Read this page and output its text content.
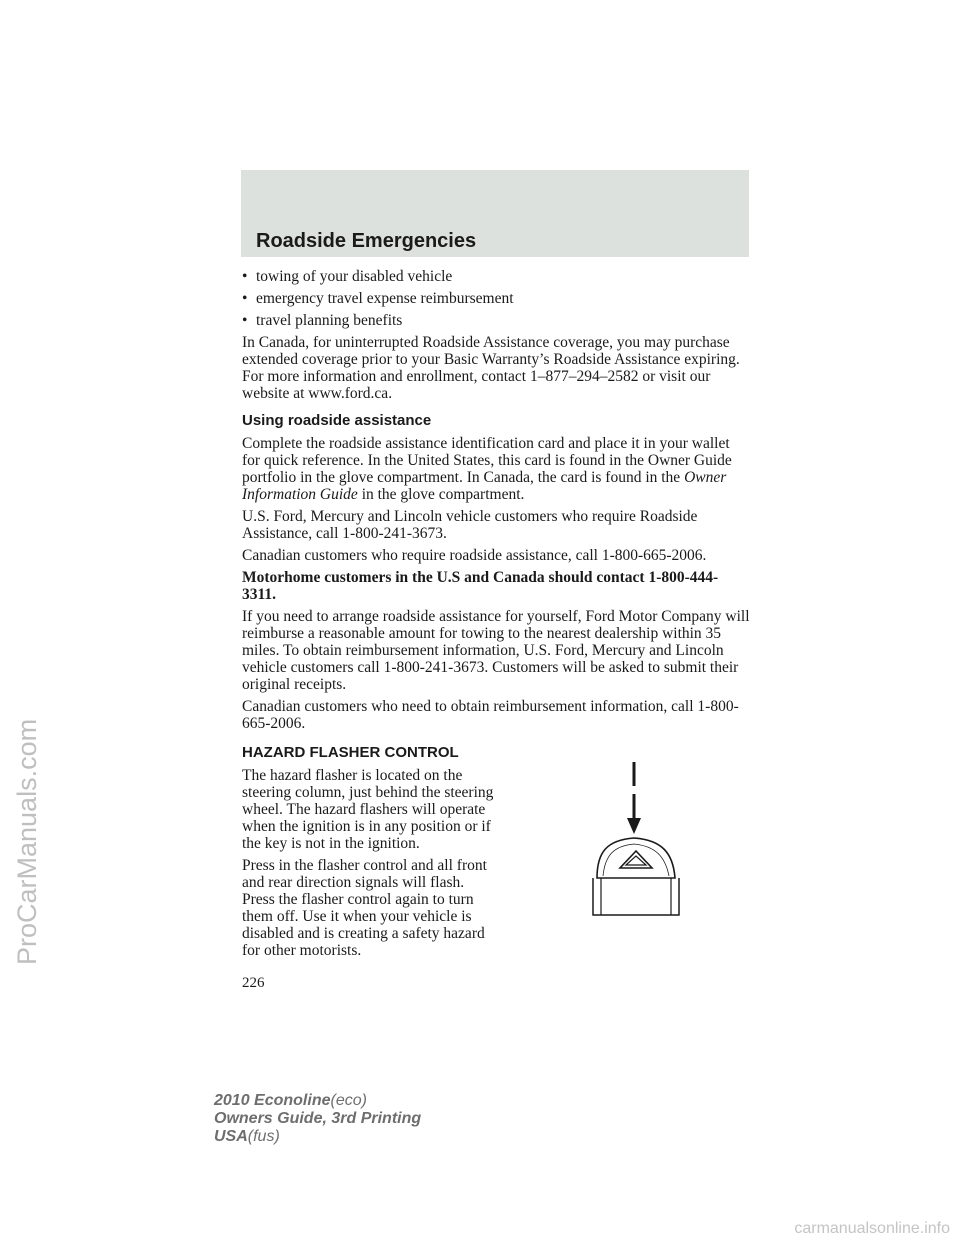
Roadside Emergencies
• towing of your disabled vehicle
• emergency travel expense reimbursement
• travel planning benefits

In Canada, for uninterrupted Roadside Assistance coverage, you may purchase extended coverage prior to your Basic Warranty’s Roadside Assistance expiring. For more information and enrollment, contact 1–877–294–2582 or visit our website at www.ford.ca.

Using roadside assistance

Complete the roadside assistance identification card and place it in your wallet for quick reference. In the United States, this card is found in the Owner Guide portfolio in the glove compartment. In Canada, the card is found in the Owner Information Guide in the glove compartment.

U.S. Ford, Mercury and Lincoln vehicle customers who require Roadside Assistance, call 1-800-241-3673.

Canadian customers who require roadside assistance, call 1-800-665-2006.

Motorhome customers in the U.S and Canada should contact 1-800-444-3311.

If you need to arrange roadside assistance for yourself, Ford Motor Company will reimburse a reasonable amount for towing to the nearest dealership within 35 miles. To obtain reimbursement information, U.S. Ford, Mercury and Lincoln vehicle customers call 1-800-241-3673. Customers will be asked to submit their original receipts.

Canadian customers who need to obtain reimbursement information, call 1-800-665-2006.

HAZARD FLASHER CONTROL

The hazard flasher is located on the steering column, just behind the steering wheel. The hazard flashers will operate when the ignition is in any position or if the key is not in the ignition.

Press in the flasher control and all front and rear direction signals will flash. Press the flasher control again to turn them off. Use it when your vehicle is disabled and is creating a safety hazard for other motorists.

226
2010 Econoline(eco)
Owners Guide, 3rd Printing
USA(fus)
ProCarManuals.com
carmanualsonline.info
